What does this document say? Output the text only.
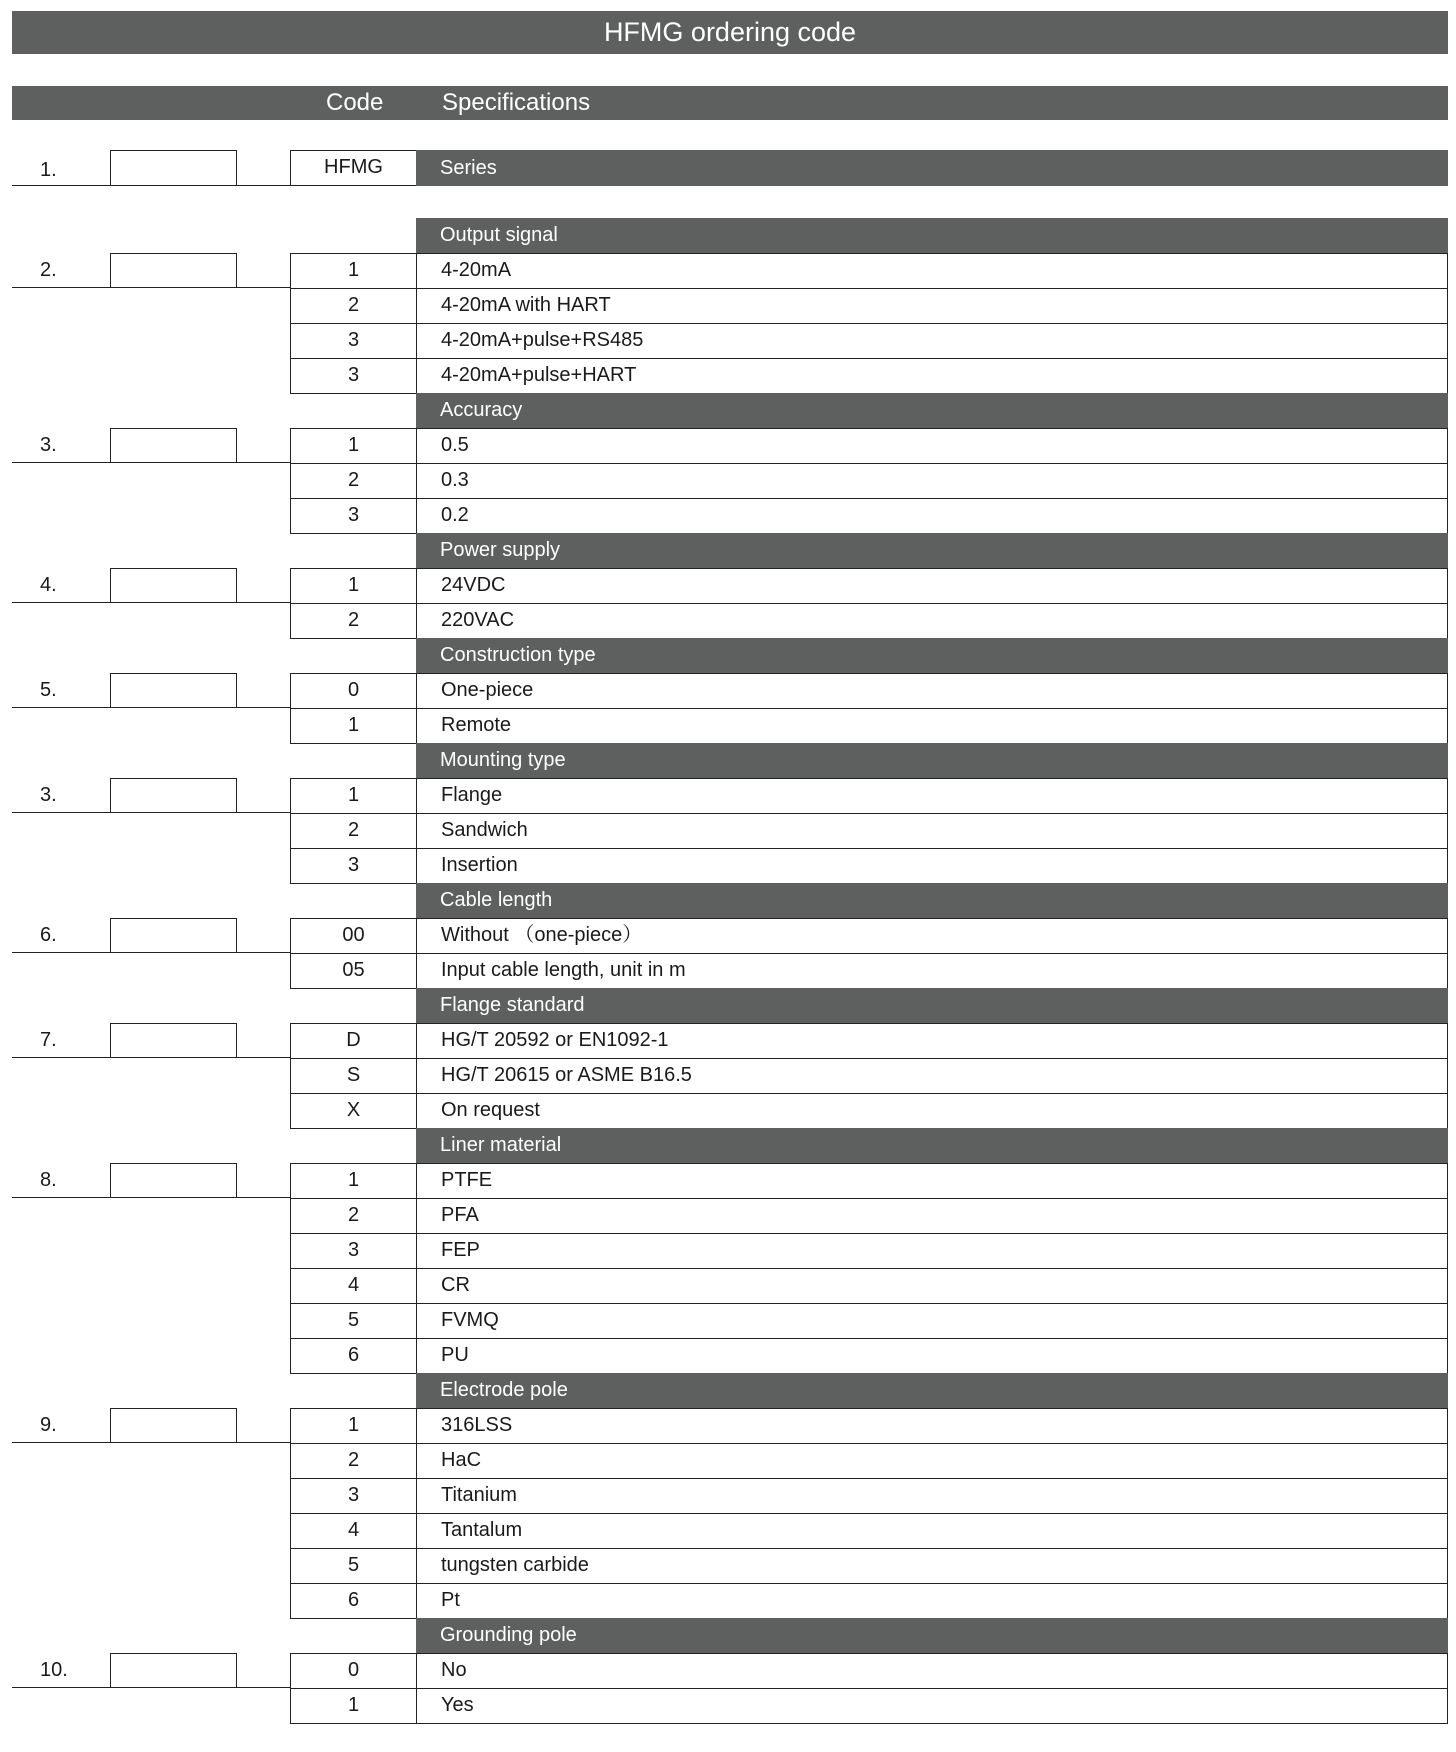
HFMG ordering code
Code Specifications
1.	HFMG	Series
Output signal
2.	1	4-20mA
2	4-20mA with HART
3	4-20mA+pulse+RS485
3	4-20mA+pulse+HART
Accuracy
3.	1	0.5
2	0.3
3	0.2
Power supply
4.	1	24VDC
2	220VAC
Construction type
5.	0	One-piece
1	Remote
Mounting type
3.	1	Flange
2	Sandwich
3	Insertion
Cable length
6.	00	Without （one-piece）
05	Input cable length, unit in m
Flange standard
7.	D	HG/T 20592 or EN1092-1
S	HG/T 20615 or ASME B16.5
X	On request
Liner material
8.	1	PTFE
2	PFA
3	FEP
4	CR
5	FVMQ
6	PU
Electrode pole
9.	1	316LSS
2	HaC
3	Titanium
4	Tantalum
5	tungsten carbide
6	Pt
Grounding pole
10.	0	No
1	Yes
